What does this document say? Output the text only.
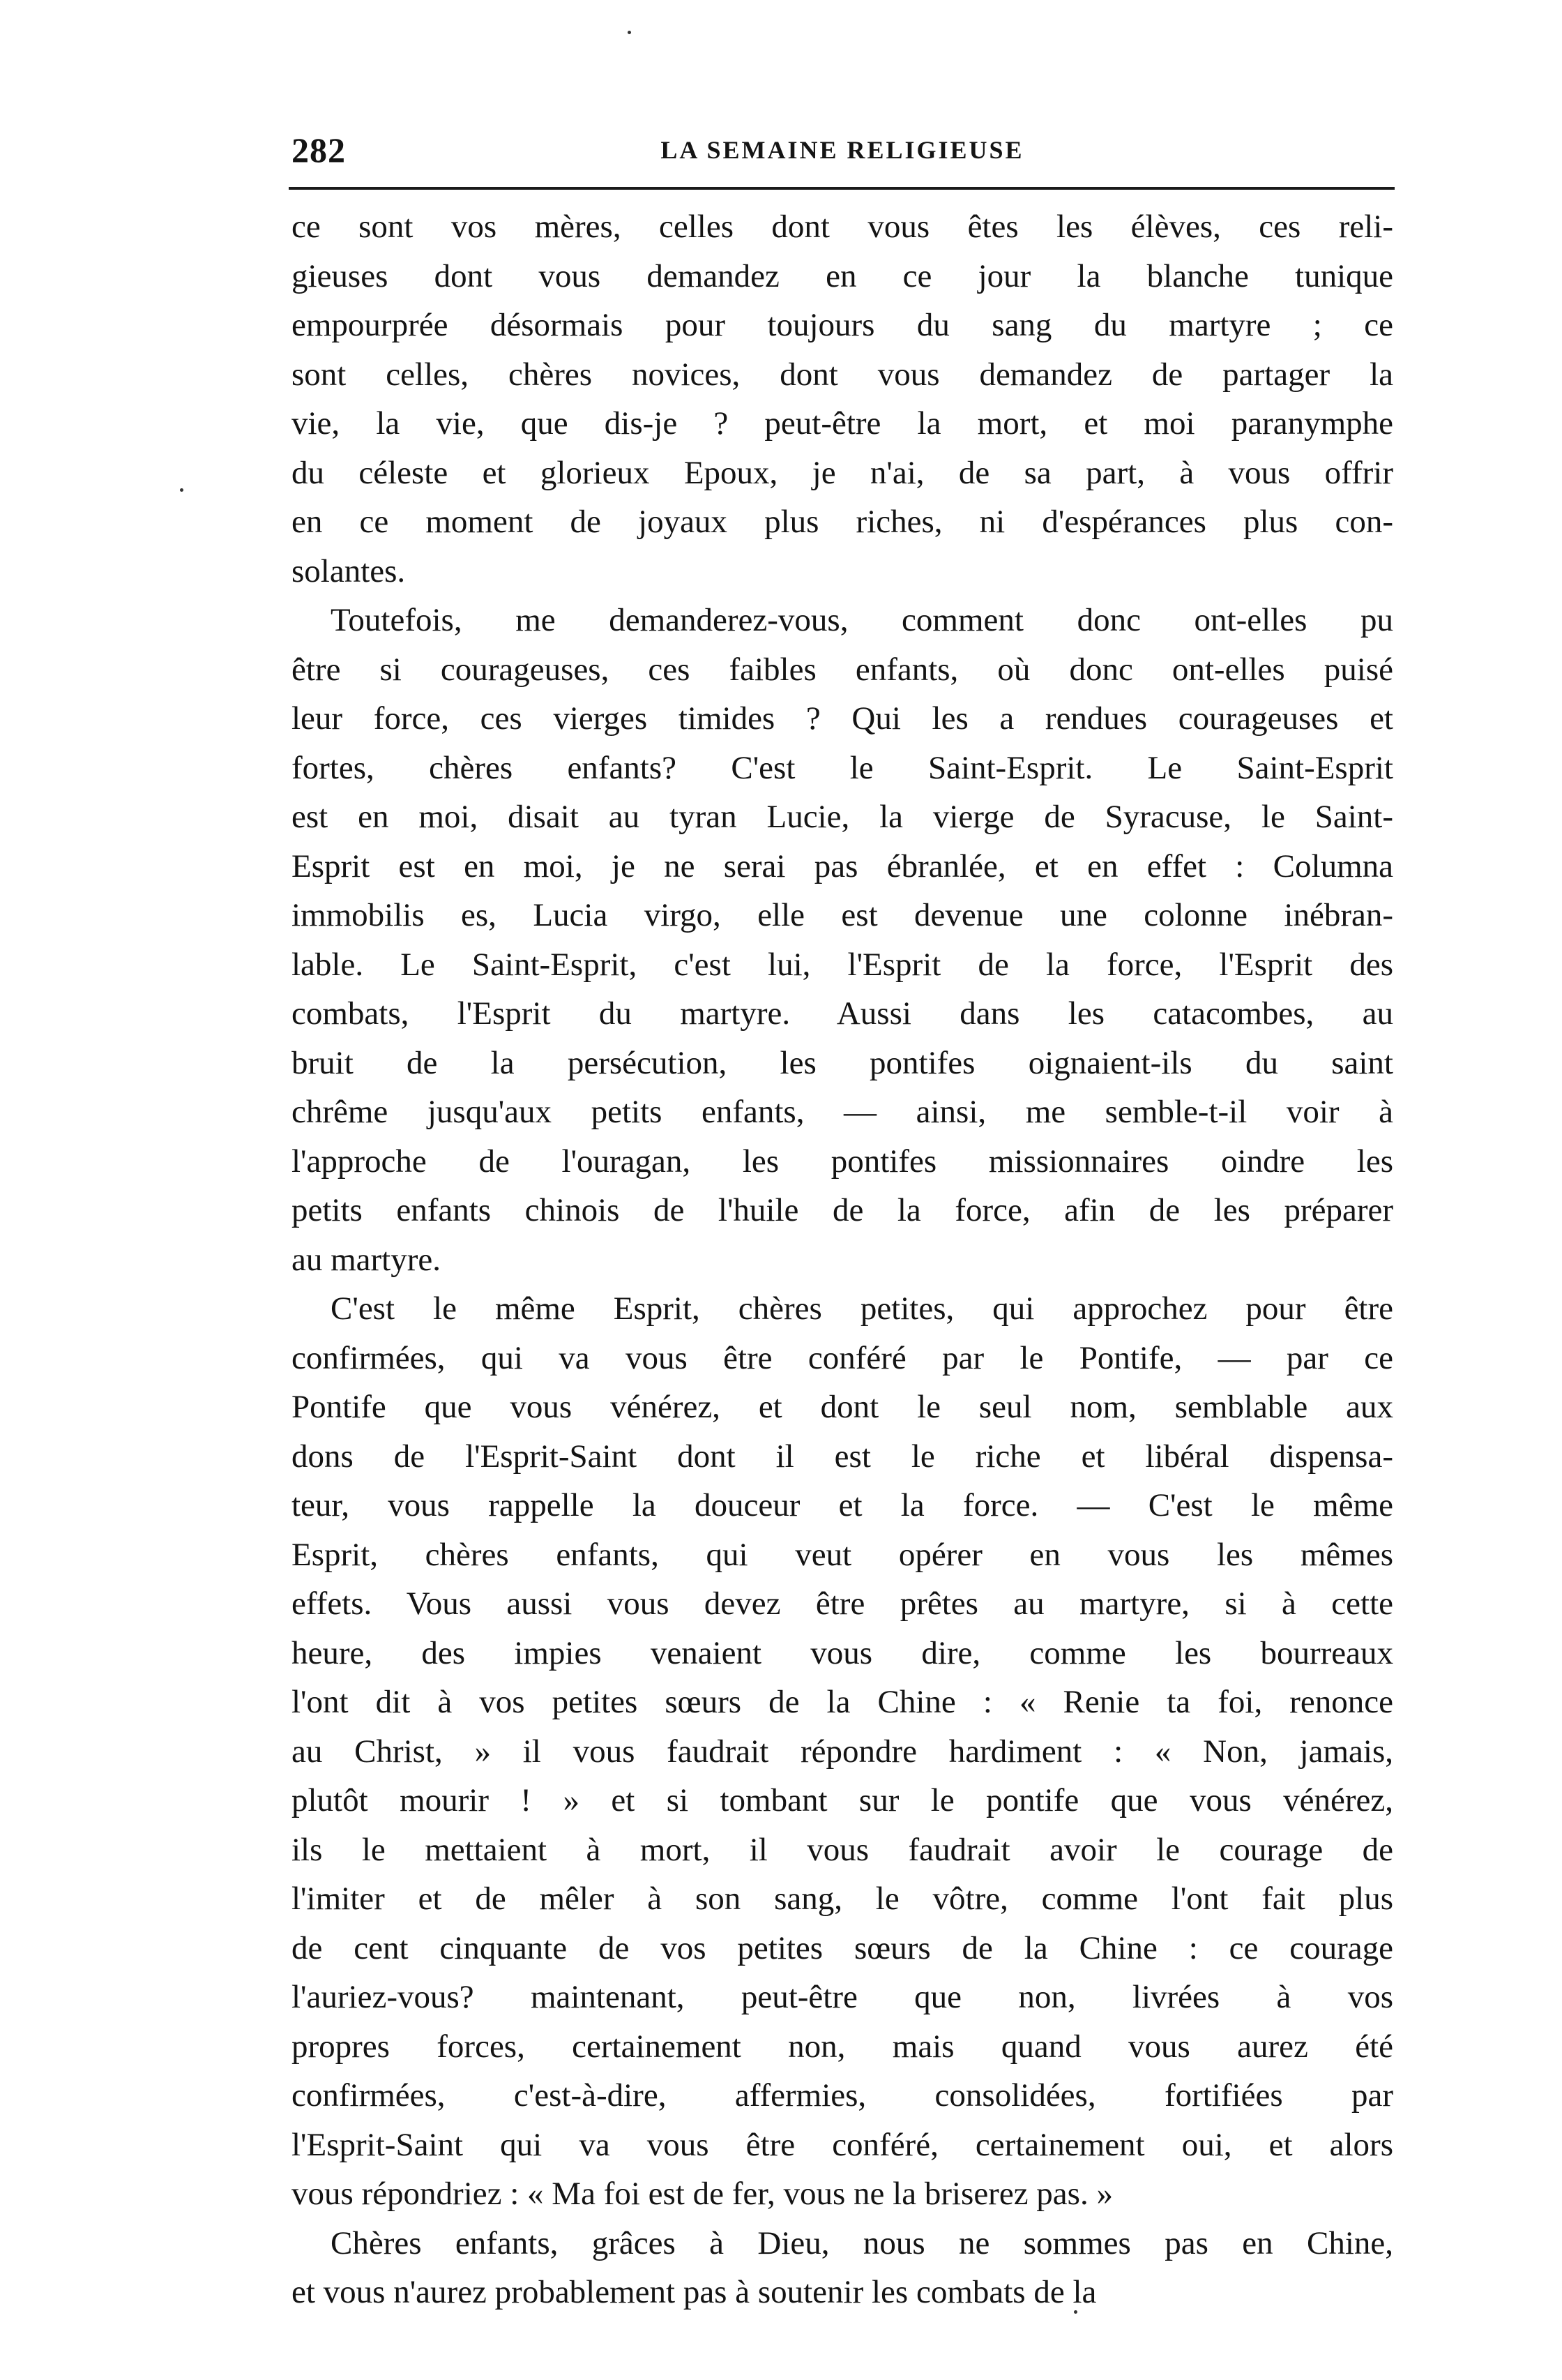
282	LA SEMAINE RELIGIEUSE
ce sont vos mères, celles dont vous êtes les élèves, ces reli-
gieuses dont vous demandez en ce jour la blanche tunique
empourprée désormais pour toujours du sang du martyre ; ce
sont celles, chères novices, dont vous demandez de partager la
vie, la vie, que dis-je ? peut-être la mort, et moi paranymphe
du céleste et glorieux Epoux, je n'ai, de sa part, à vous offrir
en ce moment de joyaux plus riches, ni d'espérances plus con-
solantes.
Toutefois, me demanderez-vous, comment donc ont-elles pu
être si courageuses, ces faibles enfants, où donc ont-elles puisé
leur force, ces vierges timides ? Qui les a rendues courageuses et
fortes, chères enfants? C'est le Saint-Esprit. Le Saint-Esprit
est en moi, disait au tyran Lucie, la vierge de Syracuse, le Saint-
Esprit est en moi, je ne serai pas ébranlée, et en effet : Columna
immobilis es, Lucia virgo, elle est devenue une colonne inébran-
lable. Le Saint-Esprit, c'est lui, l'Esprit de la force, l'Esprit des
combats, l'Esprit du martyre. Aussi dans les catacombes, au
bruit de la persécution, les pontifes oignaient-ils du saint
chrême jusqu'aux petits enfants, — ainsi, me semble-t-il voir à
l'approche de l'ouragan, les pontifes missionnaires oindre les
petits enfants chinois de l'huile de la force, afin de les préparer
au martyre.
C'est le même Esprit, chères petites, qui approchez pour être
confirmées, qui va vous être conféré par le Pontife, — par ce
Pontife que vous vénérez, et dont le seul nom, semblable aux
dons de l'Esprit-Saint dont il est le riche et libéral dispensa-
teur, vous rappelle la douceur et la force. — C'est le même
Esprit, chères enfants, qui veut opérer en vous les mêmes
effets. Vous aussi vous devez être prêtes au martyre, si à cette
heure, des impies venaient vous dire, comme les bourreaux
l'ont dit à vos petites sœurs de la Chine : « Renie ta foi, renonce
au Christ, » il vous faudrait répondre hardiment : « Non, jamais,
plutôt mourir ! » et si tombant sur le pontife que vous vénérez,
ils le mettaient à mort, il vous faudrait avoir le courage de
l'imiter et de mêler à son sang, le vôtre, comme l'ont fait plus
de cent cinquante de vos petites sœurs de la Chine : ce courage
l'auriez-vous? maintenant, peut-être que non, livrées à vos
propres forces, certainement non, mais quand vous aurez été
confirmées, c'est-à-dire, affermies, consolidées, fortifiées par
l'Esprit-Saint qui va vous être conféré, certainement oui, et alors
vous répondriez : « Ma foi est de fer, vous ne la briserez pas. »
Chères enfants, grâces à Dieu, nous ne sommes pas en Chine,
et vous n'aurez probablement pas à soutenir les combats de la
